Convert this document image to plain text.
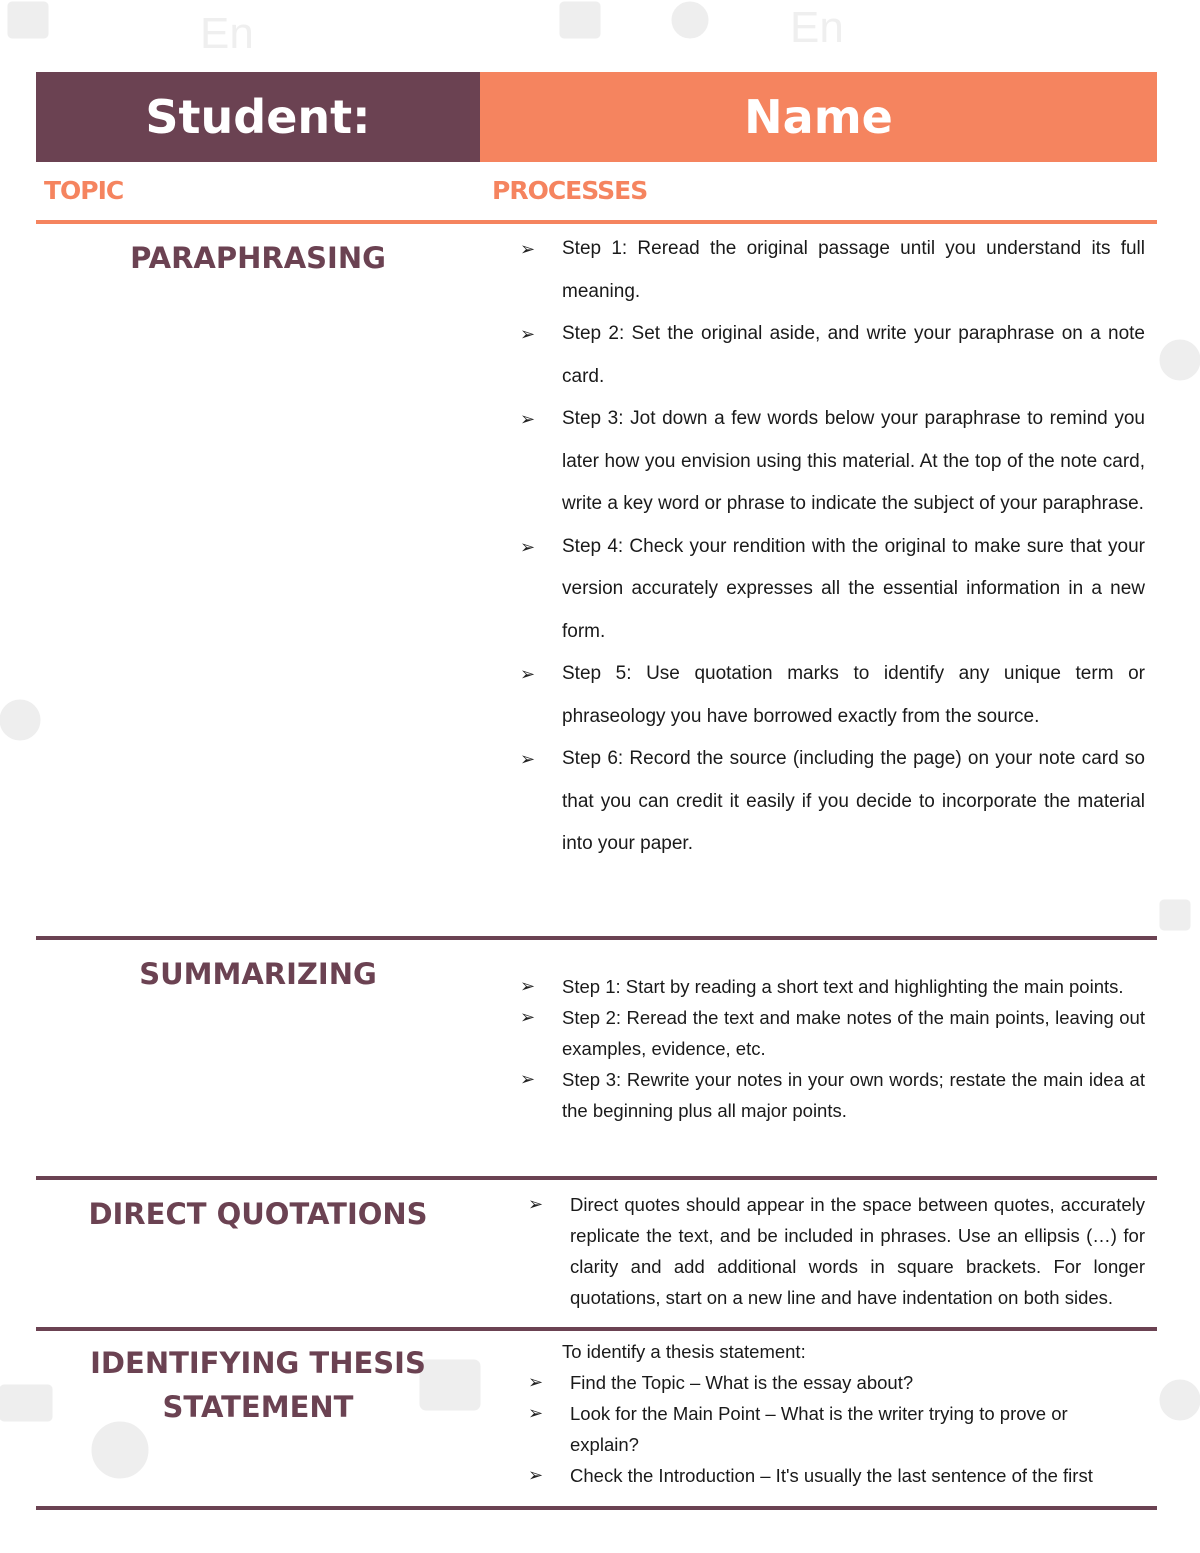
En	En
Student:	Name
TOPIC	PROCESSES
PARAPHRASING	➢ Step 1: Reread the original passage until you understand its full meaning.
➢ Step 2: Set the original aside, and write your paraphrase on a note card.
➢ Step 3: Jot down a few words below your paraphrase to remind you later how you envision using this material. At the top of the note card, write a key word or phrase to indicate the subject of your paraphrase.
➢ Step 4: Check your rendition with the original to make sure that your version accurately expresses all the essential information in a new form.
➢ Step 5: Use quotation marks to identify any unique term or phraseology you have borrowed exactly from the source.
➢ Step 6: Record the source (including the page) on your note card so that you can credit it easily if you decide to incorporate the material into your paper.
SUMMARIZING	➢ Step 1: Start by reading a short text and highlighting the main points.
➢ Step 2: Reread the text and make notes of the main points, leaving out examples, evidence, etc.
➢ Step 3: Rewrite your notes in your own words; restate the main idea at the beginning plus all major points.
DIRECT QUOTATIONS	➢ Direct quotes should appear in the space between quotes, accurately replicate the text, and be included in phrases. Use an ellipsis (…) for clarity and add additional words in square brackets. For longer quotations, start on a new line and have indentation on both sides.
IDENTIFYING THESIS
STATEMENT
To identify a thesis statement:
➢ Find the Topic – What is the essay about?
➢ Look for the Main Point – What is the writer trying to prove or explain?
➢ Check the Introduction – It's usually the last sentence of the first
